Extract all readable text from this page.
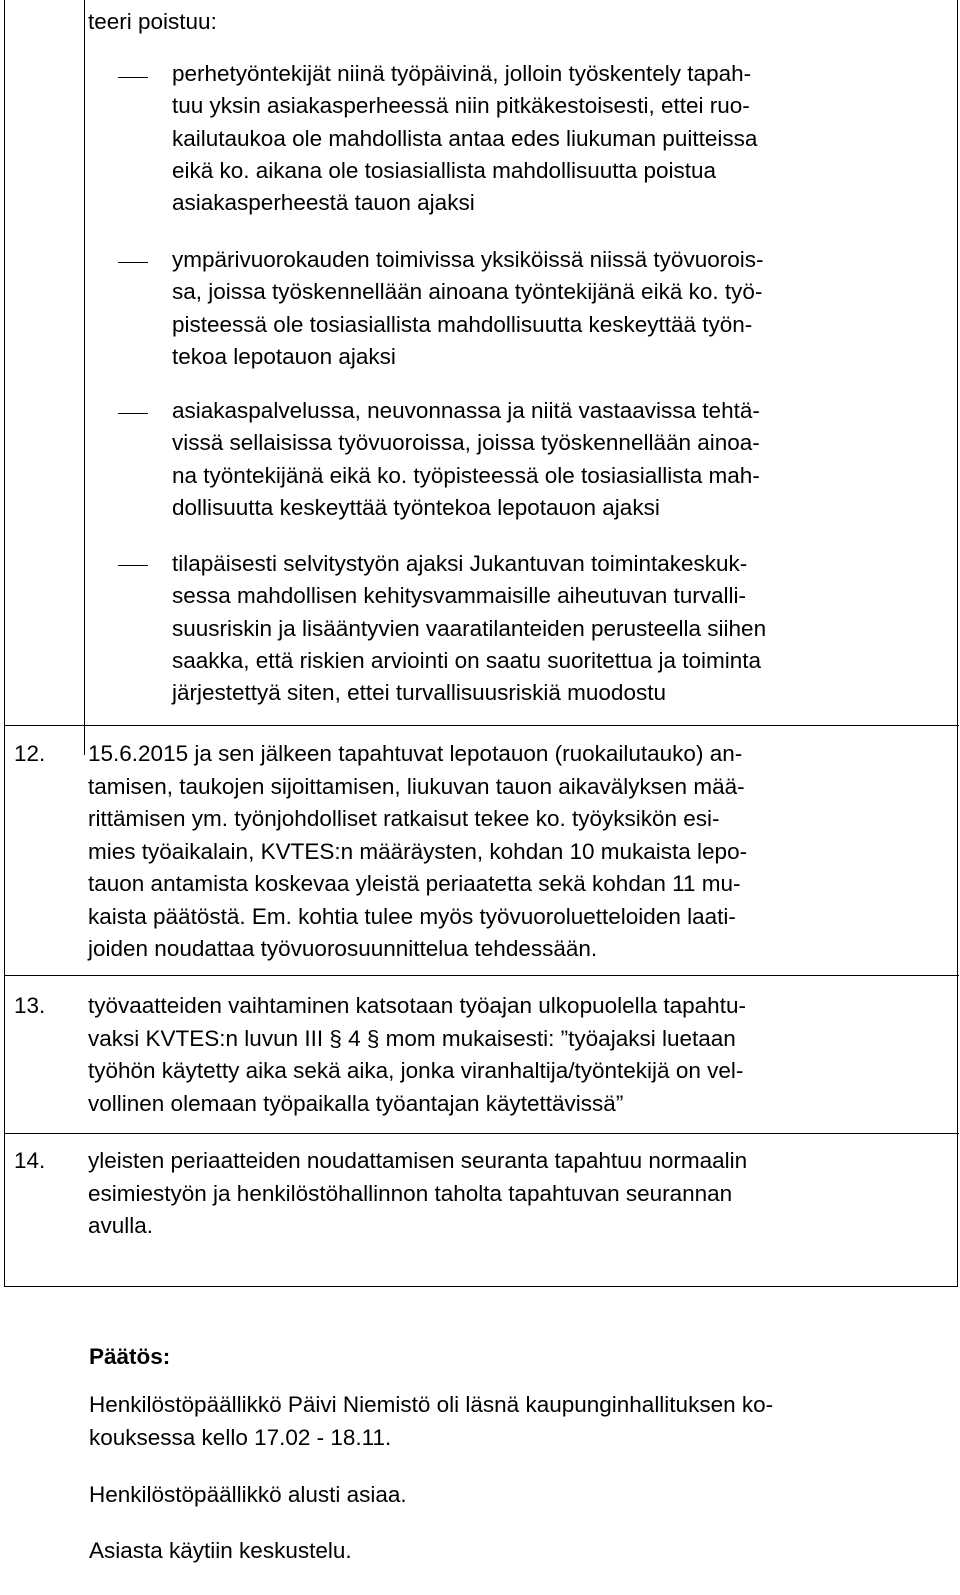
teeri poistuu:
perhetyöntekijät niinä työpäivinä, jolloin työskentely tapah-
tuu yksin asiakasperheessä niin pitkäkestoisesti, ettei ruo-
kailutaukoa ole mahdollista antaa edes liukuman puitteissa
eikä ko. aikana ole tosiasiallista mahdollisuutta poistua
asiakasperheestä tauon ajaksi
ympärivuorokauden toimivissa yksiköissä niissä työvuorois-
sa, joissa työskennellään ainoana työntekijänä eikä ko. työ-
pisteessä ole tosiasiallista mahdollisuutta keskeyttää työn-
tekoa lepotauon ajaksi
asiakaspalvelussa, neuvonnassa ja niitä vastaavissa tehtä-
vissä sellaisissa työvuoroissa, joissa työskennellään ainoa-
na työntekijänä eikä ko. työpisteessä ole tosiasiallista mah-
dollisuutta keskeyttää työntekoa lepotauon ajaksi
tilapäisesti selvitystyön ajaksi Jukantuvan toimintakeskuk-
sessa mahdollisen kehitysvammaisille aiheutuvan turvalli-
suusriskin ja lisääntyvien vaaratilanteiden perusteella siihen
saakka, että riskien arviointi on saatu suoritettua ja toiminta
järjestettyä siten, ettei turvallisuusriskiä muodostu
12. 15.6.2015 ja sen jälkeen tapahtuvat lepotauon (ruokailutauko) an-
tamisen, taukojen sijoittamisen, liukuvan tauon aikavälyksen mää-
rittämisen ym. työnjohdolliset ratkaisut tekee ko. työyksikön esi-
mies työaikalain, KVTES:n määräysten, kohdan 10 mukaista lepo-
tauon antamista koskevaa yleistä periaatetta sekä kohdan 11 mu-
kaista päätöstä. Em. kohtia tulee myös työvuoroluetteloiden laati-
joiden noudattaa työvuorosuunnittelua tehdessään.
13. työvaatteiden vaihtaminen katsotaan työajan ulkopuolella tapahtu-
vaksi KVTES:n luvun III § 4 § mom mukaisesti: ”työajaksi luetaan
työhön käytetty aika sekä aika, jonka viranhaltija/työntekijä on vel-
vollinen olemaan työpaikalla työantajan käytettävissä”
14. yleisten periaatteiden noudattamisen seuranta tapahtuu normaalin
esimiestyön ja henkilöstöhallinnon taholta tapahtuvan seurannan
avulla.
Päätös:
Henkilöstöpäällikkö Päivi Niemistö oli läsnä kaupunginhallituksen ko-
kouksessa kello 17.02 - 18.11.
Henkilöstöpäällikkö alusti asiaa.
Asiasta käytiin keskustelu.
